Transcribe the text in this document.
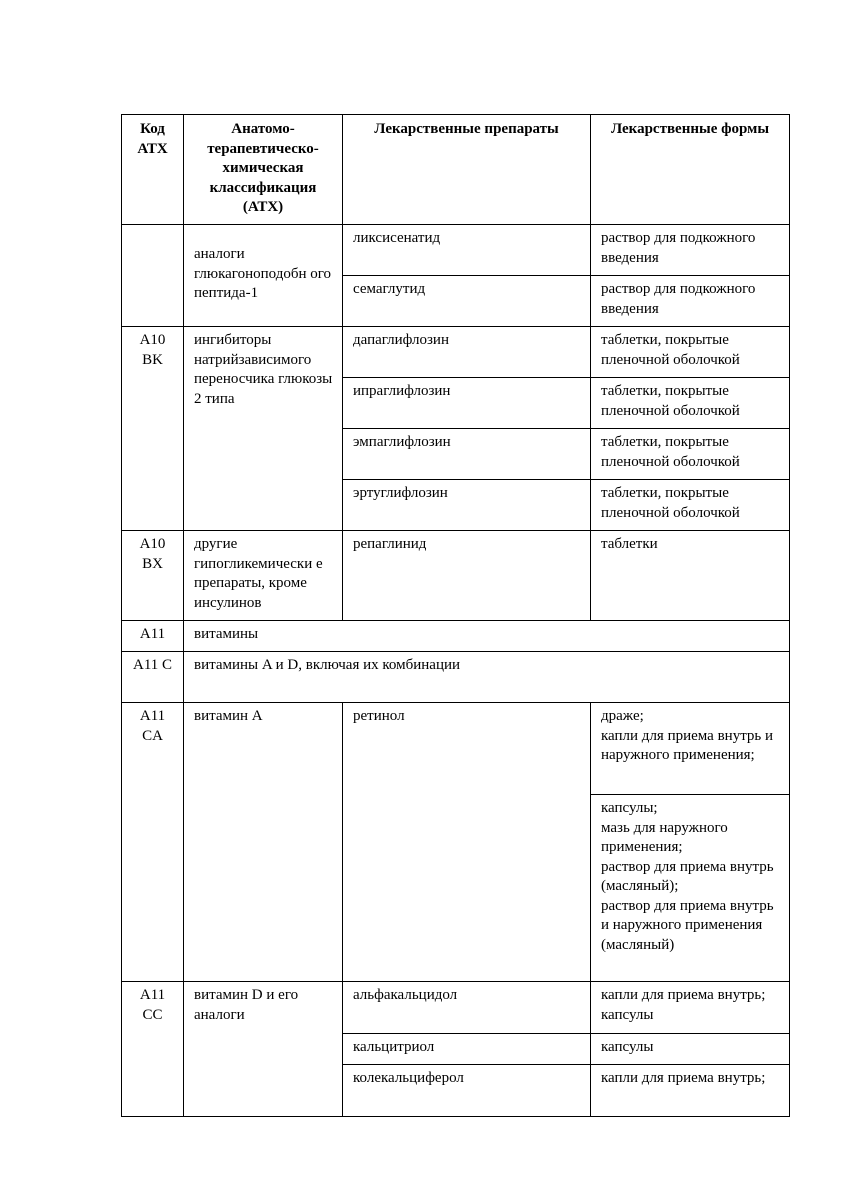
Код АТХ	Анатомо-терапевтическо-химическая классификация (АТХ)	Лекарственные препараты	Лекарственные формы
	аналоги глюкагоноподобн ого пептида-1	ликсисенатид	раствор для подкожного введения
		семаглутид	раствор для подкожного введения
A10 BK	ингибиторы натрийзависимого переносчика глюкозы 2 типа	дапаглифлозин	таблетки, покрытые пленочной оболочкой
		ипраглифлозин	таблетки, покрытые пленочной оболочкой
		эмпаглифлозин	таблетки, покрытые пленочной оболочкой
		эртуглифлозин	таблетки, покрытые пленочной оболочкой
A10 BX	другие гипогликемически е препараты, кроме инсулинов	репаглинид	таблетки
A11	витамины		
A11 C	витамины A и D, включая их комбинации		
A11 CA	витамин A	ретинол	драже;
капли для приема внутрь и наружного применения;

			капсулы;
мазь для наружного применения;
раствор для приема внутрь (масляный);
раствор для приема внутрь и наружного применения (масляный)

A11 CC	витамин D и его аналоги	альфакальцидол	капли для приема внутрь; капсулы
		кальцитриол	капсулы
		колекальциферол	капли для приема внутрь;
